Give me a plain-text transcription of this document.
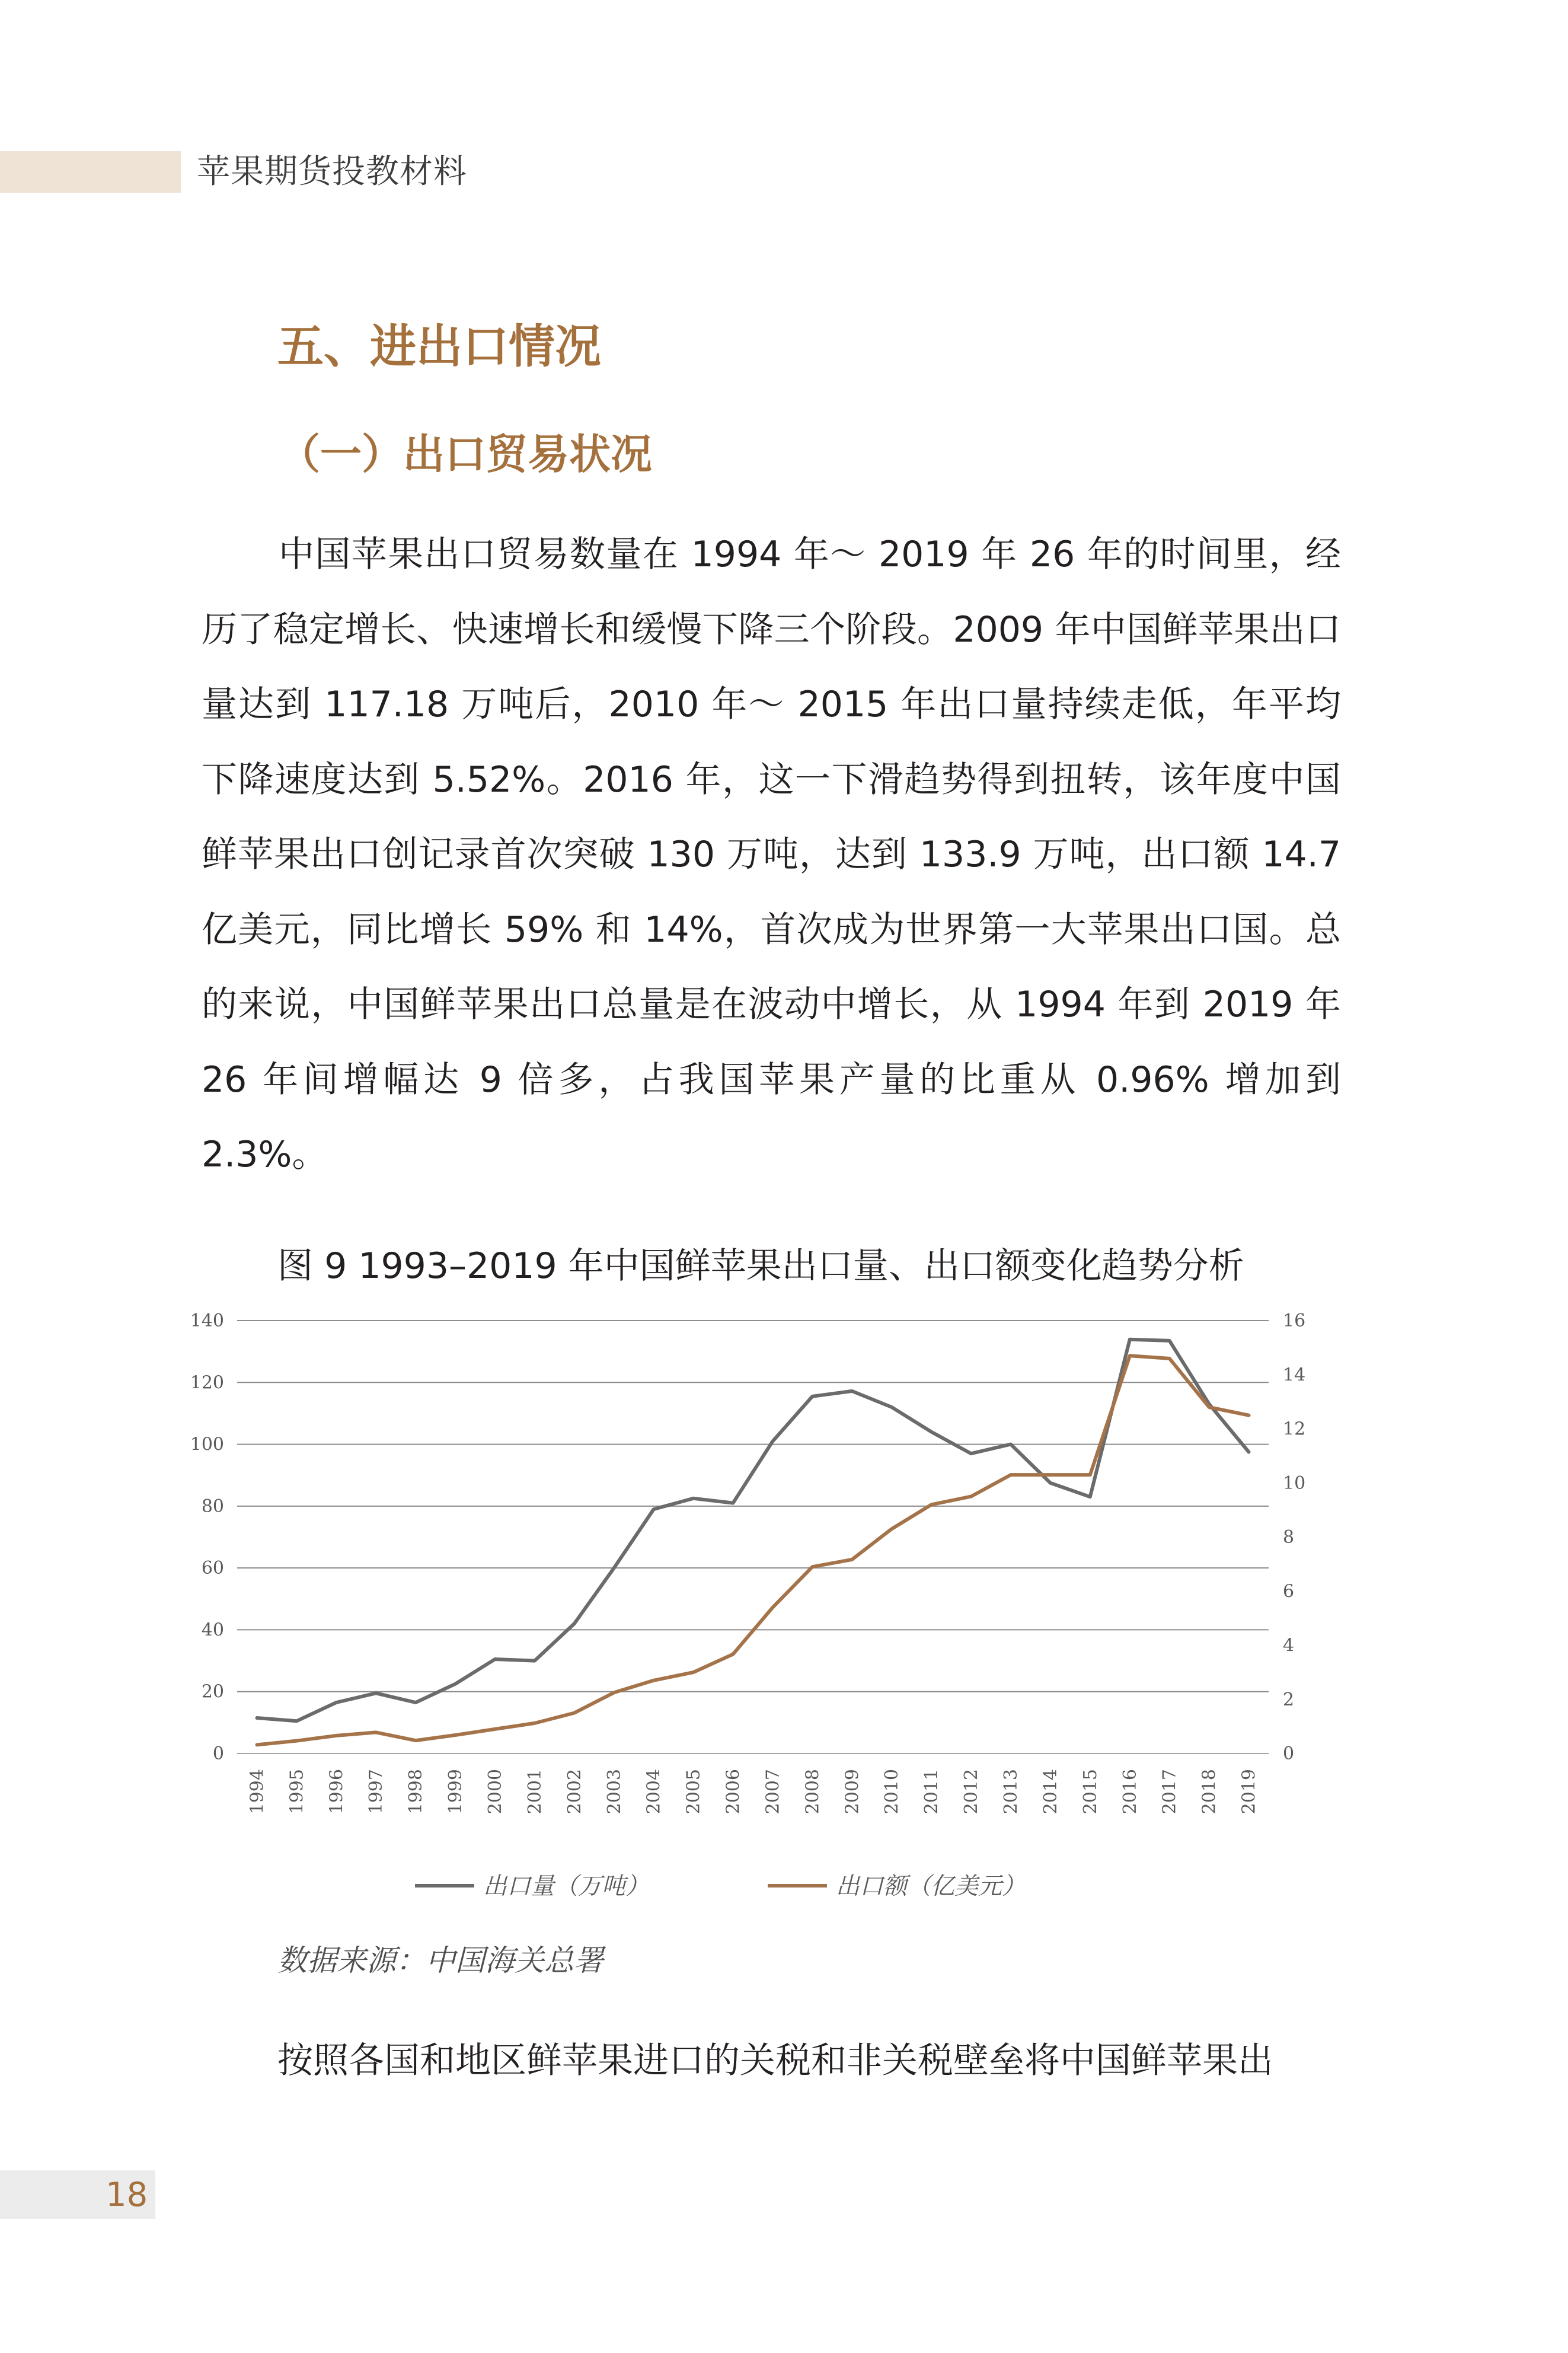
苹果期货投教材料
五、进出口情况
（一）出口贸易状况

中国苹果出口贸易数量在 1994 年～ 2019 年 26 年的时间里，经历了稳定增长、快速增长和缓慢下降三个阶段。2009 年中国鲜苹果出口量达到 117.18 万吨后，2010 年～ 2015 年出口量持续走低，年平均下降速度达到 5.52%。2016 年，这一下滑趋势得到扭转，该年度中国鲜苹果出口创记录首次突破 130 万吨，达到 133.9 万吨，出口额 14.7 亿美元，同比增长 59% 和 14%，首次成为世界第一大苹果出口国。总的来说，中国鲜苹果出口总量是在波动中增长，从 1994 年到 2019 年 26 年间增幅达 9 倍多，占我国苹果产量的比重从 0.96% 增加到 2.3%。

图 9 1993–2019 年中国鲜苹果出口量、出口额变化趋势分析
0
20
40
60
80
100
120
140
0
2
4
6
8
10
12
14
16
1994 1995 1996 1997 1998 1999 2000 2001 2002 2003 2004 2005 2006 2007 2008 2009 2010 2011 2012 2013 2014 2015 2016 2017 2018 2019
出口量（万吨）	出口额（亿美元）
数据来源：中国海关总署
按照各国和地区鲜苹果进口的关税和非关税壁垒将中国鲜苹果出
18
